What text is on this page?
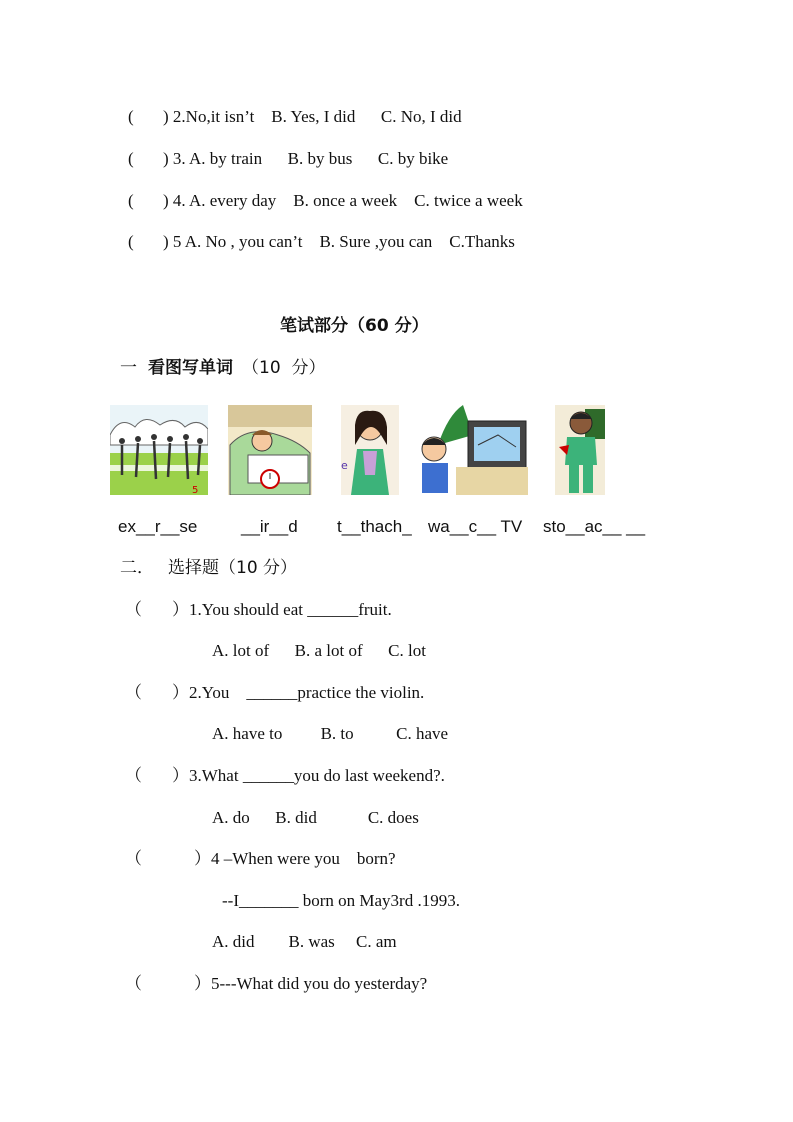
( ) 2.No,it isn’t    B. Yes, I did      C. No, I did
( ) 3. A. by train      B. by bus      C. by bike
( ) 4. A. every day    B. once a week    C. twice a week
( ) 5 A. No , you can’t    B. Sure ,you can    C.Thanks
笔试部分（60 分）
一 看图写单词 （10  分）
5
e
ex__r__se	__ir__d t__thach_ wa__c__ TV sto__ac__ __
二． 选择题（10 分）
（ ）1.You should eat ______fruit.
A. lot of      B. a lot of      C. lot
（ ）2.You    ______practice the violin.
A. have to         B. to          C. have
（ ）3.What ______you do last weekend?.
A. do      B. did            C. does
（	）4 –When were you    born?
--I_______ born on May3rd .1993.
A. did        B. was     C. am
（	）5---What did you do yesterday?
